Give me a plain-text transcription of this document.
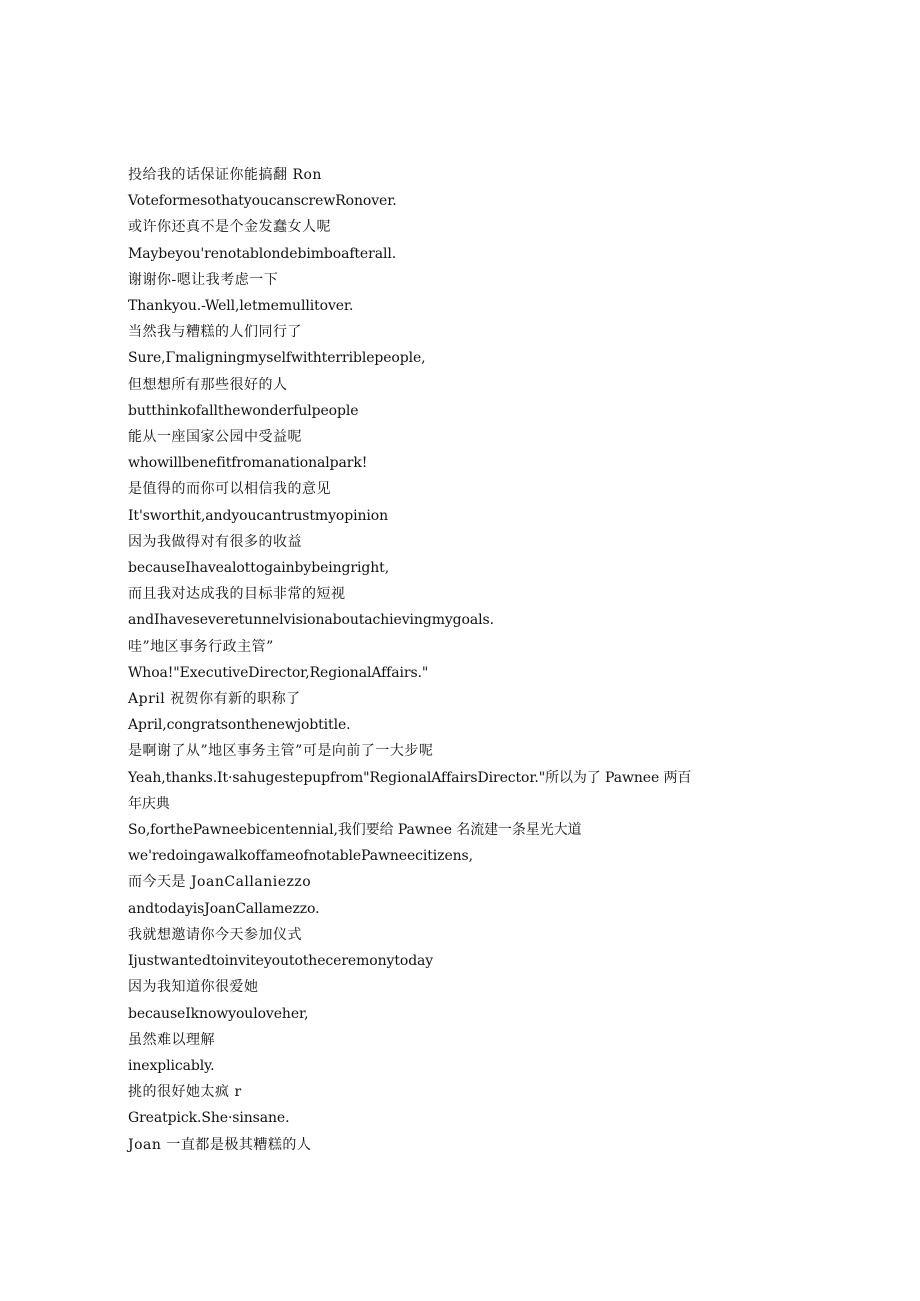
投给我的话保证你能搞翻 Ron
VoteformesothatyoucanscrewRonover.
或许你还真不是个金发蠢女人呢
Maybeyou'renotablondebimboafterall.
谢谢你-嗯让我考虑一下
Thankyou.-Well,letmemullitover.
当然我与糟糕的人们同行了
Sure,Γmaligningmyselfwithterriblepeople,
但想想所有那些很好的人
butthinkofallthewonderfulpeople
能从一座国家公园中受益呢
whowillbenefitfromanationalpark!
是值得的而你可以相信我的意见
It'sworthit,andyoucantrustmyopinion
因为我做得对有很多的收益
becauseIhavealottogainbybeingright,
而且我对达成我的目标非常的短视
andIhaveseveretunnelvisionaboutachievingmygoals.
哇”地区事务行政主管”
Whoa!"ExecutiveDirector,RegionalAffairs."
April 祝贺你有新的职称了
April,congratsonthenewjobtitle.
是啊谢了从”地区事务主管”可是向前了一大步呢
Yeah,thanks.It·sahugestepupfrom"RegionalAffairsDirector."所以为了 Pawnee 两百年庆典
So,forthePawneebicentennial,我们要给 Pawnee 名流建一条星光大道
we'redoingawalkoffameofnotablePawneecitizens,
而今天是 JoanCallaniezzo
andtodayisJoanCallamezzo.
我就想邀请你今天参加仪式
Ijustwantedtoinviteyoutotheceremonytoday
因为我知道你很爱她
becauseIknowyouloveher,
虽然难以理解
inexplicably.
挑的很好她太疯 r
Greatpick.She·sinsane.
Joan 一直都是极其糟糕的人
